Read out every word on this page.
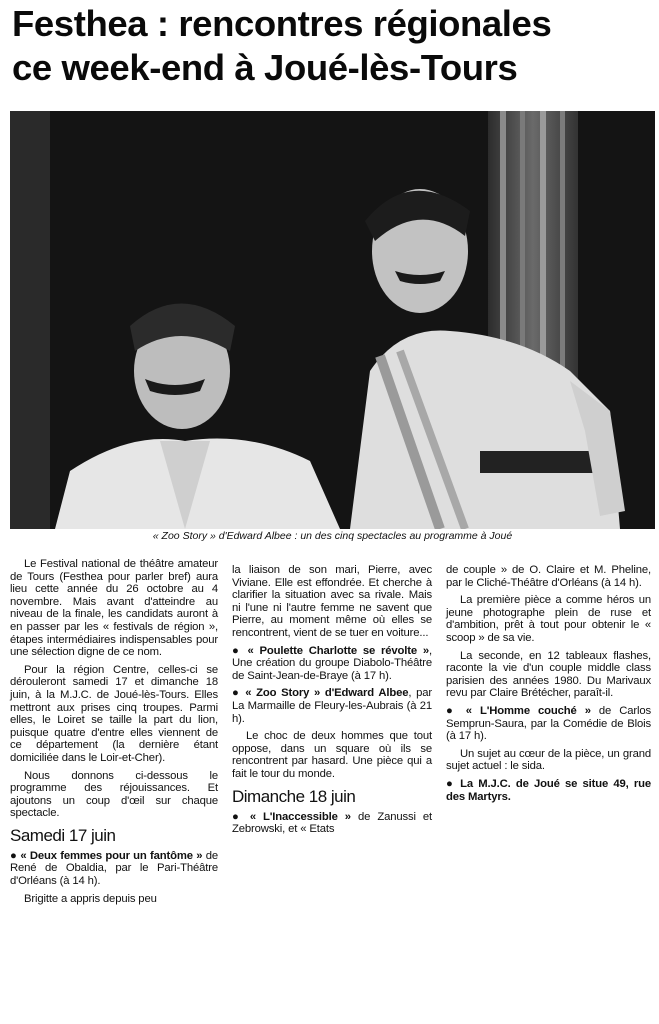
Festhea : rencontres régionales
ce week-end à Joué-lès-Tours
« Zoo Story » d'Edward Albee : un des cinq spectacles au programme à Joué

Le Festival national de théâtre amateur de Tours (Festhea pour parler bref) aura lieu cette année du 26 octobre au 4 novembre. Mais avant d'atteindre au niveau de la finale, les candidats auront à en passer par les « festivals de région », étapes intermédiaires indispensables pour une sélection digne de ce nom.

Pour la région Centre, celles-ci se dérouleront samedi 17 et dimanche 18 juin, à la M.J.C. de Joué-lès-Tours. Elles mettront aux prises cinq troupes. Parmi elles, le Loiret se taille la part du lion, puisque quatre d'entre elles viennent de ce département (la dernière étant domiciliée dans le Loir-et-Cher).

Nous donnons ci-dessous le programme des réjouissances. Et ajoutons un coup d'œil sur chaque spectacle.

Samedi 17 juin

● « Deux femmes pour un fantôme » de René de Obaldia, par le Pari-Théâtre d'Orléans (à 14 h).

Brigitte a appris depuis peu

la liaison de son mari, Pierre, avec Viviane. Elle est effondrée. Et cherche à clarifier la situation avec sa rivale. Mais ni l'une ni l'autre femme ne savent que Pierre, au moment même où elles se rencontrent, vient de se tuer en voiture...

● « Poulette Charlotte se révolte », Une création du groupe Diabolo-Théâtre de Saint-Jean-de-Braye (à 17 h).

● « Zoo Story » d'Edward Albee, par La Marmaille de Fleury-les-Aubrais (à 21 h).

Le choc de deux hommes que tout oppose, dans un square où ils se rencontrent par hasard. Une pièce qui a fait le tour du monde.

Dimanche 18 juin

● « L'Inaccessible » de Zanussi et Zebrowski, et « Etats

de couple » de O. Claire et M. Pheline, par le Cliché-Théâtre d'Orléans (à 14 h).

La première pièce a comme héros un jeune photographe plein de ruse et d'ambition, prêt à tout pour obtenir le « scoop » de sa vie.

La seconde, en 12 tableaux flashes, raconte la vie d'un couple middle class parisien des années 1980. Du Marivaux revu par Claire Brétécher, paraît-il.

● « L'Homme couché » de Carlos Semprun-Saura, par la Comédie de Blois (à 17 h).

Un sujet au cœur de la pièce, un grand sujet actuel : le sida.

● La M.J.C. de Joué se situe 49, rue des Martyrs.
